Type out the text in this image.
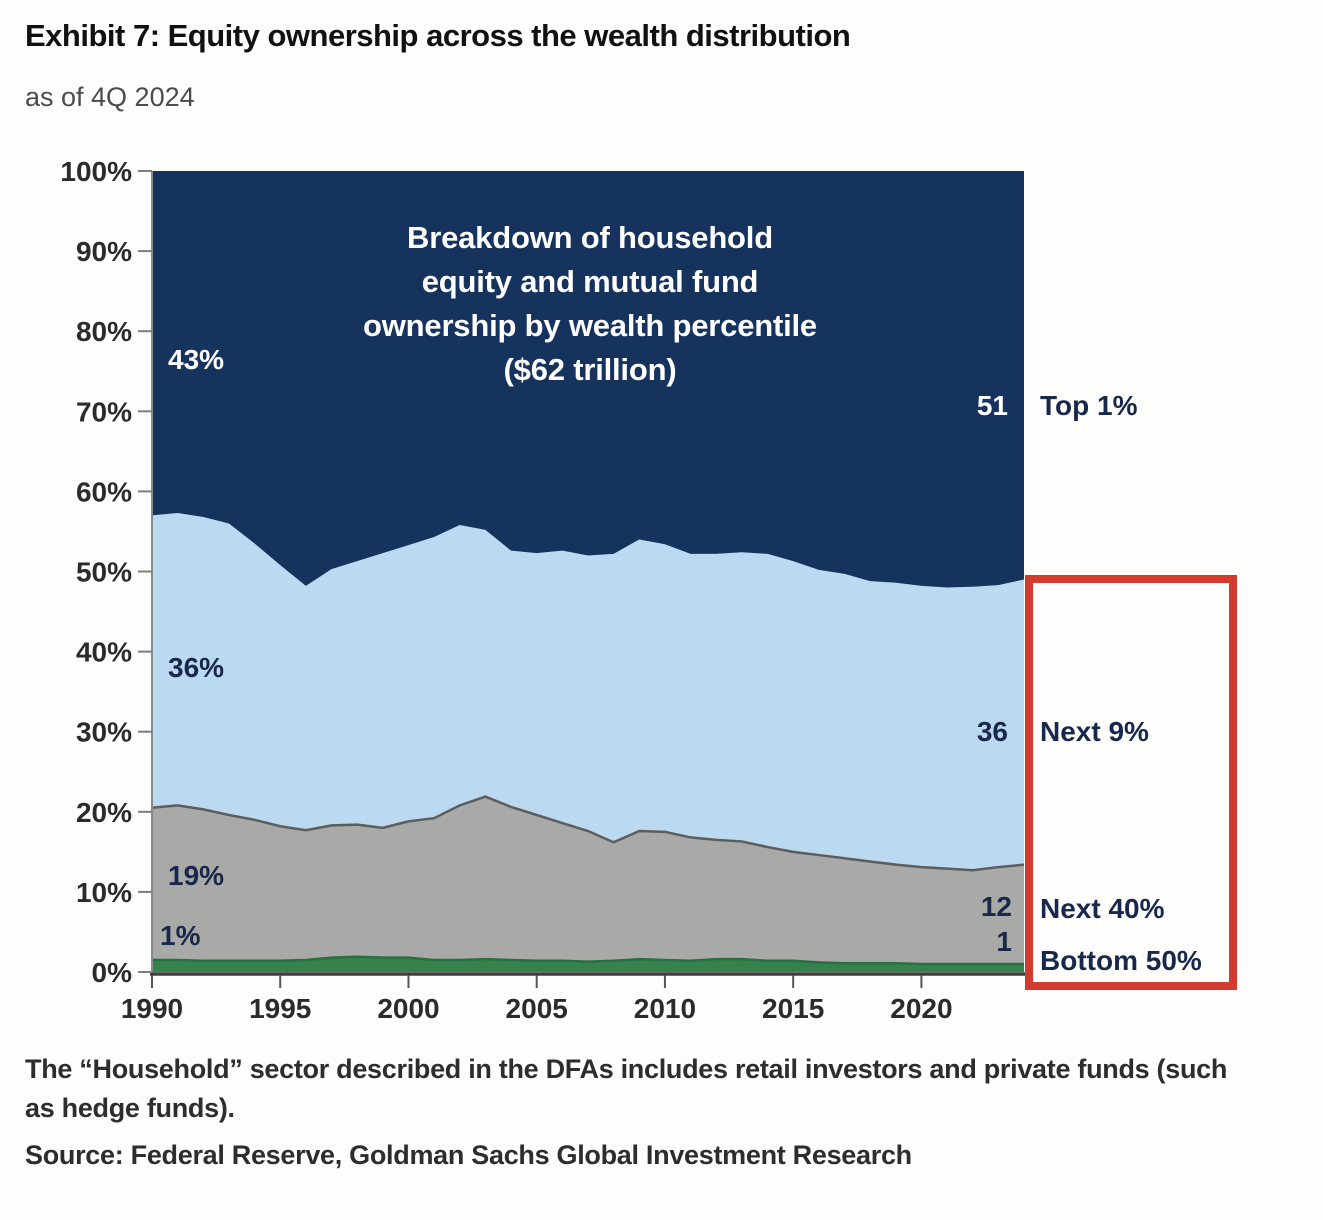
Exhibit 7: Equity ownership across the wealth distribution
as of 4Q 2024
0%
10%
20%
30%
40%
50%
60%
70%
80%
90%
100%
1990 1995 2000 2005 2010 2015 2020
Breakdown of household
equity and mutual fund
ownership by wealth percentile
($62 trillion)
43%
36%
19%
1%
51
36
12
1
Top 1%
Next 9%
Next 40%
Bottom 50%
The “Household” sector described in the DFAs includes retail investors and private funds (such
as hedge funds).
Source: Federal Reserve, Goldman Sachs Global Investment Research
